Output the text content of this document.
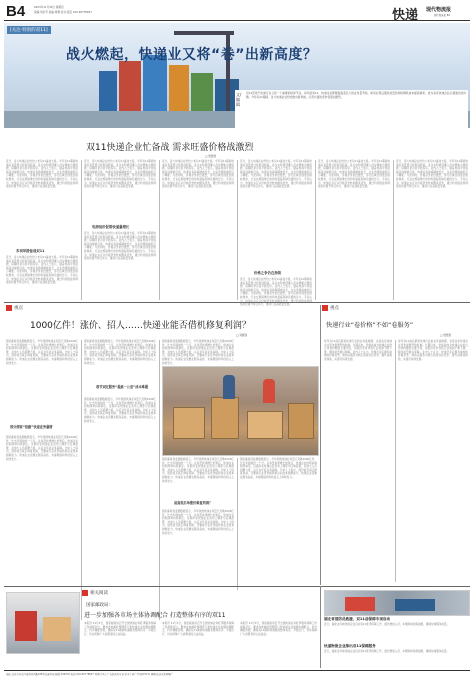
B4	2023年11月30日 星期四
责编:刘会芳 美编:蒋蓉 校对:苗苗 010-65778657	快递 现代物流报
现代物流报 B4
[关注·特别的双11]
战火燃起，快递业又将“卷”出新高度？
文/编 辑
双11狂欢不快递行业又是一个重要的时间节点。每年的双11，快递企业都要面临着巨大的业务量考验，如何在保证服务质量的同时降低成本提高效率，成为各家快递企业必须面对的问题。今年双11期间，各大快递企业纷纷推出新举措，运营方面的竞争将更加激烈。
双11快递企业忙备战 需求旺盛价格战激烈
□ 晨晨财
近日，各大快递企业纷纷公布双11备战方案。今年双11期间快递业务量预计将再创新高，各企业积极部署人员车辆和仓储资源，保障旺季运营平稳有序。业内人士表示，随着电商平台促销活动提前启动，快递业务高峰期被拉长，企业需提前做好运力调配。与此同时，价格竞争依旧激烈，部分区域出现低价揽收现象，行业在规模增长的同时面临利润压缩的压力。专家认为，快递企业应从价格竞争转向服务竞争，通过科技赋能和网络优化提升综合实力，推动行业高质量发展。
多项举措备战双11
近日，各大快递企业纷纷公布双11备战方案。今年双11期间快递业务量预计将再创新高，各企业积极部署人员车辆和仓储资源，保障旺季运营平稳有序。业内人士表示，随着电商平台促销活动提前启动，快递业务高峰期被拉长，企业需提前做好运力调配。与此同时，价格竞争依旧激烈，部分区域出现低价揽收现象，行业在规模增长的同时面临利润压缩的压力。专家认为，快递企业应从价格竞争转向服务竞争，通过科技赋能和网络优化提升综合实力，推动行业高质量发展。
近日，各大快递企业纷纷公布双11备战方案。今年双11期间快递业务量预计将再创新高，各企业积极部署人员车辆和仓储资源，保障旺季运营平稳有序。业内人士表示，随着电商平台促销活动提前启动，快递业务高峰期被拉长，企业需提前做好运力调配。与此同时，价格竞争依旧激烈，部分区域出现低价揽收现象，行业在规模增长的同时面临利润压缩的压力。专家认为，快递企业应从价格竞争转向服务竞争，通过科技赋能和网络优化提升综合实力，推动行业高质量发展。
电商低价促销快递量增长
近日，各大快递企业纷纷公布双11备战方案。今年双11期间快递业务量预计将再创新高，各企业积极部署人员车辆和仓储资源，保障旺季运营平稳有序。业内人士表示，随着电商平台促销活动提前启动，快递业务高峰期被拉长，企业需提前做好运力调配。与此同时，价格竞争依旧激烈，部分区域出现低价揽收现象，行业在规模增长的同时面临利润压缩的压力。专家认为，快递企业应从价格竞争转向服务竞争，通过科技赋能和网络优化提升综合实力，推动行业高质量发展。
近日，各大快递企业纷纷公布双11备战方案。今年双11期间快递业务量预计将再创新高，各企业积极部署人员车辆和仓储资源，保障旺季运营平稳有序。业内人士表示，随着电商平台促销活动提前启动，快递业务高峰期被拉长，企业需提前做好运力调配。与此同时，价格竞争依旧激烈，部分区域出现低价揽收现象，行业在规模增长的同时面临利润压缩的压力。专家认为，快递企业应从价格竞争转向服务竞争，通过科技赋能和网络优化提升综合实力，推动行业高质量发展。
近日，各大快递企业纷纷公布双11备战方案。今年双11期间快递业务量预计将再创新高，各企业积极部署人员车辆和仓储资源，保障旺季运营平稳有序。业内人士表示，随着电商平台促销活动提前启动，快递业务高峰期被拉长，企业需提前做好运力调配。与此同时，价格竞争依旧激烈，部分区域出现低价揽收现象，行业在规模增长的同时面临利润压缩的压力。专家认为，快递企业应从价格竞争转向服务竞争，通过科技赋能和网络优化提升综合实力，推动行业高质量发展。
价格之争仍在持续
近日，各大快递企业纷纷公布双11备战方案。今年双11期间快递业务量预计将再创新高，各企业积极部署人员车辆和仓储资源，保障旺季运营平稳有序。业内人士表示，随着电商平台促销活动提前启动，快递业务高峰期被拉长，企业需提前做好运力调配。与此同时，价格竞争依旧激烈，部分区域出现低价揽收现象，行业在规模增长的同时面临利润压缩的压力。专家认为，快递企业应从价格竞争转向服务竞争，通过科技赋能和网络优化提升综合实力，推动行业高质量发展。
近日，各大快递企业纷纷公布双11备战方案。今年双11期间快递业务量预计将再创新高，各企业积极部署人员车辆和仓储资源，保障旺季运营平稳有序。业内人士表示，随着电商平台促销活动提前启动，快递业务高峰期被拉长，企业需提前做好运力调配。与此同时，价格竞争依旧激烈，部分区域出现低价揽收现象，行业在规模增长的同时面临利润压缩的压力。专家认为，快递企业应从价格竞争转向服务竞争，通过科技赋能和网络优化提升综合实力，推动行业高质量发展。
近日，各大快递企业纷纷公布双11备战方案。今年双11期间快递业务量预计将再创新高，各企业积极部署人员车辆和仓储资源，保障旺季运营平稳有序。业内人士表示，随着电商平台促销活动提前启动，快递业务高峰期被拉长，企业需提前做好运力调配。与此同时，价格竞争依旧激烈，部分区域出现低价揽收现象，行业在规模增长的同时面临利润压缩的压力。专家认为，快递企业应从价格竞争转向服务竞争，通过科技赋能和网络优化提升综合实力，推动行业高质量发展。
视点	视点
1000亿件！涨价、招人……快递业能否借机修复利润？
□ 刘健锋
国家邮政局监测数据显示，今年我国快递业务量已突破1000亿件，比去年提前约一个月。业务量快速增长的背后，快递企业的利润却持续承压。近期多家快递企业宣布上调部分区域派费，并加大人员招聘力度，以应对年底业务高峰。分析人士指出，涨价能否真正修复利润，还要看行业竞争格局和企业成本控制能力。快递企业需要在服务品质、末端网络和科技投入上持续发力。
部分商家“抢跑”快递业务量增
国家邮政局监测数据显示，今年我国快递业务量已突破1000亿件，比去年提前约一个月。业务量快速增长的背后，快递企业的利润却持续承压。近期多家快递企业宣布上调部分区域派费，并加大人员招聘力度，以应对年底业务高峰。分析人士指出，涨价能否真正修复利润，还要看行业竞争格局和企业成本控制能力。快递企业需要在服务品质、末端网络和科技投入上持续发力。
国家邮政局监测数据显示，今年我国快递业务量已突破1000亿件，比去年提前约一个月。业务量快速增长的背后，快递企业的利润却持续承压。近期多家快递企业宣布上调部分区域派费，并加大人员招聘力度，以应对年底业务高峰。分析人士指出，涨价能否真正修复利润，还要看行业竞争格局和企业成本控制能力。快递企业需要在服务品质、末端网络和科技投入上持续发力。
春节双旺服务“悬挑一公里”成本难题
国家邮政局监测数据显示，今年我国快递业务量已突破1000亿件，比去年提前约一个月。业务量快速增长的背后，快递企业的利润却持续承压。近期多家快递企业宣布上调部分区域派费，并加大人员招聘力度，以应对年底业务高峰。分析人士指出，涨价能否真正修复利润，还要看行业竞争格局和企业成本控制能力。快递企业需要在服务品质、末端网络和科技投入上持续发力。
国家邮政局监测数据显示，今年我国快递业务量已突破1000亿件，比去年提前约一个月。业务量快速增长的背后，快递企业的利润却持续承压。近期多家快递企业宣布上调部分区域派费，并加大人员招聘力度，以应对年底业务高峰。分析人士指出，涨价能否真正修复利润，还要看行业竞争格局和企业成本控制能力。快递企业需要在服务品质、末端网络和科技投入上持续发力。
国家邮政局监测数据显示，今年我国快递业务量已突破1000亿件，比去年提前约一个月。业务量快速增长的背后，快递企业的利润却持续承压。近期多家快递企业宣布上调部分区域派费，并加大人员招聘力度，以应对年底业务高峰。分析人士指出，涨价能否真正修复利润，还要看行业竞争格局和企业成本控制能力。快递企业需要在服务品质、末端网络和科技投入上持续发力。
前高低后单涨价难复利润？
国家邮政局监测数据显示，今年我国快递业务量已突破1000亿件，比去年提前约一个月。业务量快速增长的背后，快递企业的利润却持续承压。近期多家快递企业宣布上调部分区域派费，并加大人员招聘力度，以应对年底业务高峰。分析人士指出，涨价能否真正修复利润，还要看行业竞争格局和企业成本控制能力。快递企业需要在服务品质、末端网络和科技投入上持续发力。
国家邮政局监测数据显示，今年我国快递业务量已突破1000亿件，比去年提前约一个月。业务量快速增长的背后，快递企业的利润却持续承压。近期多家快递企业宣布上调部分区域派费，并加大人员招聘力度，以应对年底业务高峰。分析人士指出，涨价能否真正修复利润，还要看行业竞争格局和企业成本控制能力。快递企业需要在服务品质、末端网络和科技投入上持续发力。
快递行业“卷价格”不如“卷服务”
□ 晨晨财
每年双11前后都是快递行业的业务高峰期，也是各家快递企业竞争最激烈的时候。长期以来，价格战成为快递企业抢占市场份额的主要手段，但低价竞争导致行业利润不断下滑，服务质量难以保障。业内人士认为，快递行业应摒弃单纯的价格竞争，转向以服务为核心的差异化竞争，提升消费者体验，实现可持续发展。
每年双11前后都是快递行业的业务高峰期，也是各家快递企业竞争最激烈的时候。长期以来，价格战成为快递企业抢占市场份额的主要手段，但低价竞争导致行业利润不断下滑，服务质量难以保障。业内人士认为，快递行业应摒弃单纯的价格竞争，转向以服务为核心的差异化竞争，提升消费者体验，实现可持续发展。
相关阅读
国家邮政局:
进一步加强各市场主体协调配合 打造整体有序的双11
本报讯 11月3日，国家邮政局召开全国快递业务旺季服务保障工作视频会议，要求各地邮政管理部门和快递企业加强协调配合，科学调配资源，确保双11期间快递服务整体有序、平稳运行，切实保障广大消费者的合法权益。
本报讯 11月3日，国家邮政局召开全国快递业务旺季服务保障工作视频会议，要求各地邮政管理部门和快递企业加强协调配合，科学调配资源，确保双11期间快递服务整体有序、平稳运行，切实保障广大消费者的合法权益。
本报讯 11月3日，国家邮政局召开全国快递业务旺季服务保障工作视频会议，要求各地邮政管理部门和快递企业加强协调配合，科学调配资源，确保双11期间快递服务整体有序、平稳运行，切实保障广大消费者的合法权益。
湖北省消防员救援，双11前保障专项启动
近日，湖北省多地快递企业启动双11旺季保障工作，通过增加人员、车辆和场地等措施，确保快递服务质量。
快递物流企业推出双11保障服务
近日，湖北省多地快递企业启动双11旺季保障工作，通过增加人员、车辆和场地等措施，确保快递服务质量。
地址:北京市丰台区南四环西路188号总部基地 邮编:100070 电话:010-65778657 零售价:2元 广告经营许可证:京丰工商广字第0072号 印刷:经济日报印刷厂
